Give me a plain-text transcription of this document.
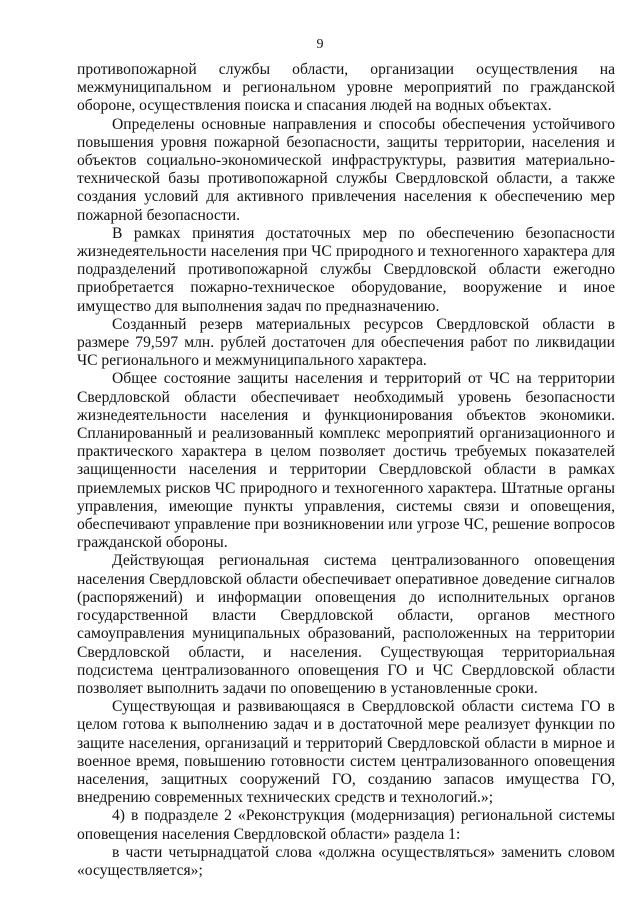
9

противопожарной службы области, организации осуществления на межмуниципальном и региональном уровне мероприятий по гражданской обороне, осуществления поиска и спасания людей на водных объектах.

Определены основные направления и способы обеспечения устойчивого повышения уровня пожарной безопасности, защиты территории, населения и объектов социально-экономической инфраструктуры, развития материально-технической базы противопожарной службы Свердловской области, а также создания условий для активного привлечения населения к обеспечению мер пожарной безопасности.

В рамках принятия достаточных мер по обеспечению безопасности жизнедеятельности населения при ЧС природного и техногенного характера для подразделений противопожарной службы Свердловской области ежегодно приобретается пожарно-техническое оборудование, вооружение и иное имущество для выполнения задач по предназначению.

Созданный резерв материальных ресурсов Свердловской области в размере 79,597 млн. рублей достаточен для обеспечения работ по ликвидации ЧС регионального и межмуниципального характера.

Общее состояние защиты населения и территорий от ЧС на территории Свердловской области обеспечивает необходимый уровень безопасности жизнедеятельности населения и функционирования объектов экономики. Спланированный и реализованный комплекс мероприятий организационного и практического характера в целом позволяет достичь требуемых показателей защищенности населения и территории Свердловской области в рамках приемлемых рисков ЧС природного и техногенного характера. Штатные органы управления, имеющие пункты управления, системы связи и оповещения, обеспечивают управление при возникновении или угрозе ЧС, решение вопросов гражданской обороны.

Действующая региональная система централизованного оповещения населения Свердловской области обеспечивает оперативное доведение сигналов (распоряжений) и информации оповещения до исполнительных органов государственной власти Свердловской области, органов местного самоуправления муниципальных образований, расположенных на территории Свердловской области, и населения. Существующая территориальная подсистема централизованного оповещения ГО и ЧС Свердловской области позволяет выполнить задачи по оповещению в установленные сроки.

Существующая и развивающаяся в Свердловской области система ГО в целом готова к выполнению задач и в достаточной мере реализует функции по защите населения, организаций и территорий Свердловской области в мирное и военное время, повышению готовности систем централизованного оповещения населения, защитных сооружений ГО, созданию запасов имущества ГО, внедрению современных технических средств и технологий.»;

4) в подразделе 2 «Реконструкция (модернизация) региональной системы оповещения населения Свердловской области» раздела 1:

в части четырнадцатой слова «должна осуществляться» заменить словом «осуществляется»;
